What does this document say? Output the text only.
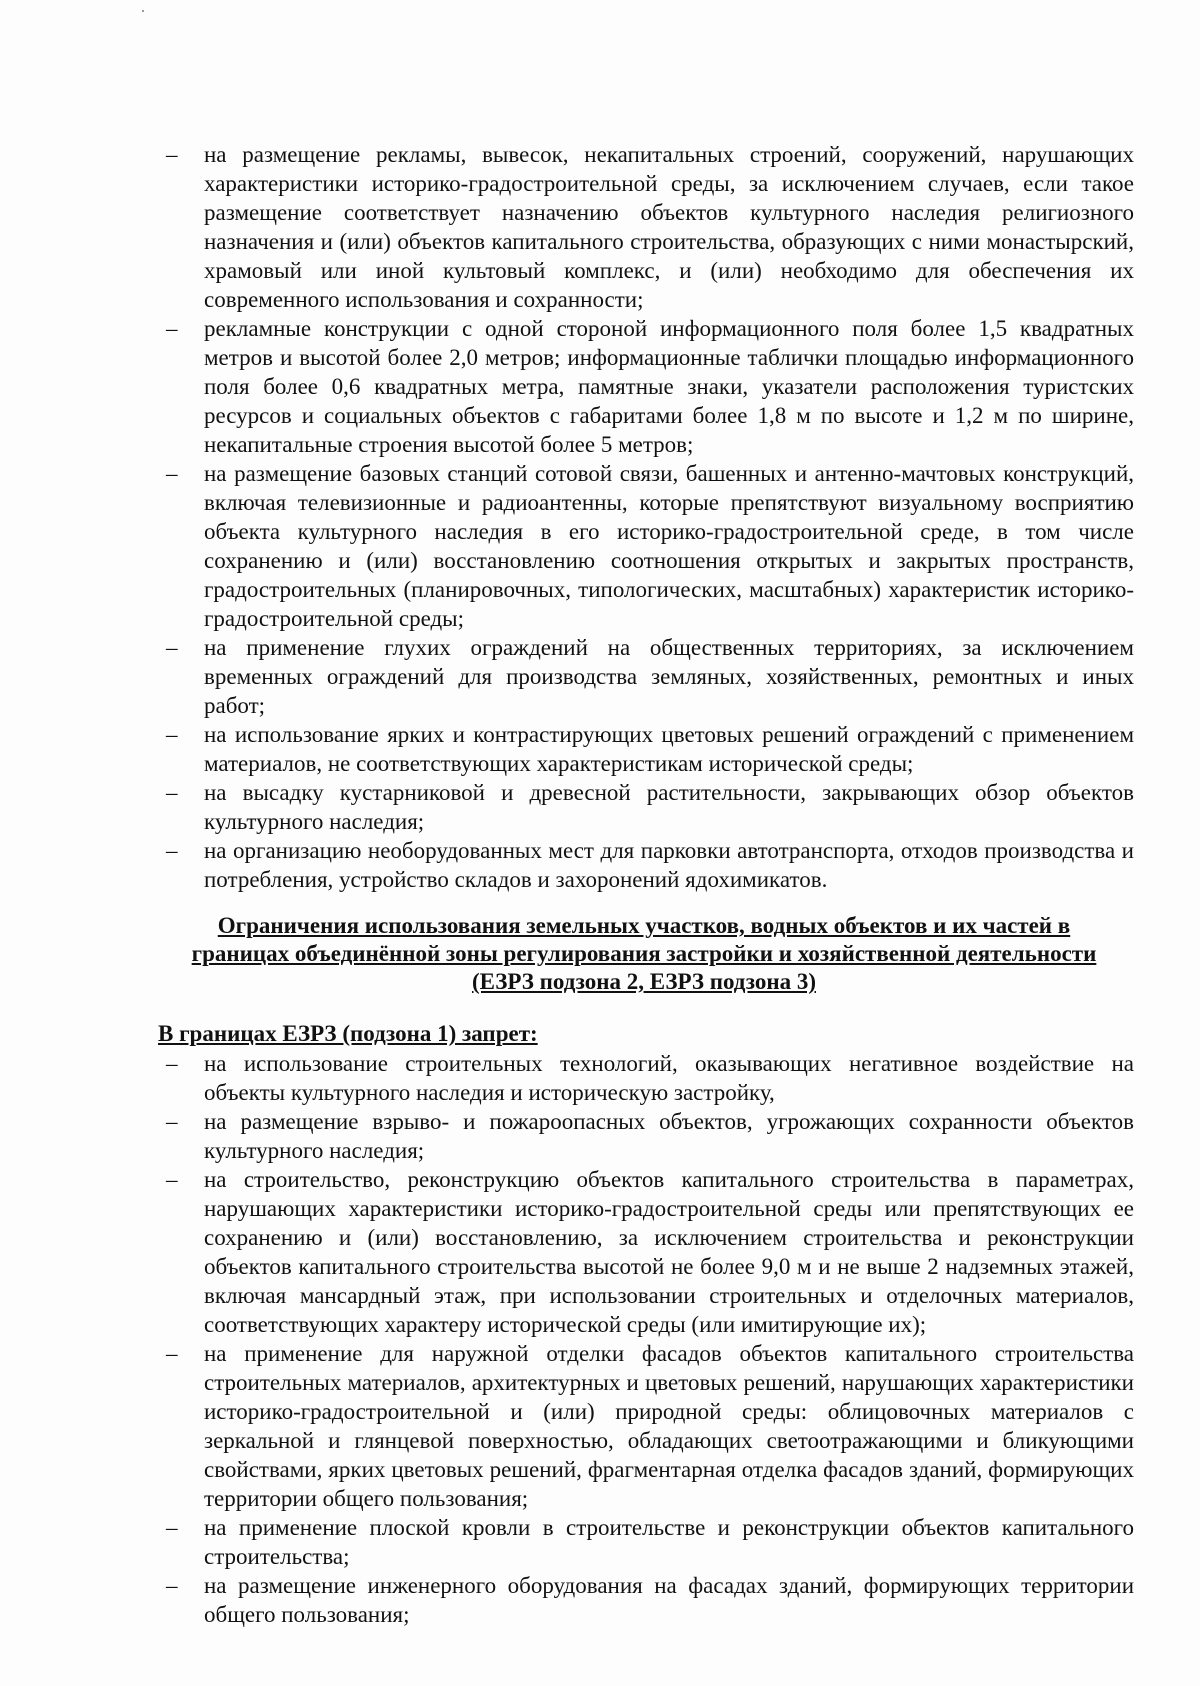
– на размещение рекламы, вывесок, некапитальных строений, сооружений, нарушающих характеристики историко-градостроительной среды, за исключением случаев, если такое размещение соответствует назначению объектов культурного наследия религиозного назначения и (или) объектов капитального строительства, образующих с ними монастырский, храмовый или иной культовый комплекс, и (или) необходимо для обеспечения их современного использования и сохранности;
– рекламные конструкции с одной стороной информационного поля более 1,5 квадратных метров и высотой более 2,0 метров; информационные таблички площадью информационного поля более 0,6 квадратных метра, памятные знаки, указатели расположения туристских ресурсов и социальных объектов с габаритами более 1,8 м по высоте и 1,2 м по ширине, некапитальные строения высотой более 5 метров;
– на размещение базовых станций сотовой связи, башенных и антенно-мачтовых конструкций, включая телевизионные и радиоантенны, которые препятствуют визуальному восприятию объекта культурного наследия в его историко-градостроительной среде, в том числе сохранению и (или) восстановлению соотношения открытых и закрытых пространств, градостроительных (планировочных, типологических, масштабных) характеристик историко-градостроительной среды;
– на применение глухих ограждений на общественных территориях, за исключением временных ограждений для производства земляных, хозяйственных, ремонтных и иных работ;
– на использование ярких и контрастирующих цветовых решений ограждений с применением материалов, не соответствующих характеристикам исторической среды;
– на высадку кустарниковой и древесной растительности, закрывающих обзор объектов культурного наследия;
– на организацию необорудованных мест для парковки автотранспорта, отходов производства и потребления, устройство складов и захоронений ядохимикатов.
Ограничения использования земельных участков, водных объектов и их частей в
границах объединённой зоны регулирования застройки и хозяйственной деятельности
(ЕЗРЗ подзона 2, ЕЗРЗ подзона 3)
В границах ЕЗРЗ (подзона 1) запрет:
– на использование строительных технологий, оказывающих негативное воздействие на объекты культурного наследия и историческую застройку,
– на размещение взрыво- и пожароопасных объектов, угрожающих сохранности объектов культурного наследия;
– на строительство, реконструкцию объектов капитального строительства в параметрах, нарушающих характеристики историко-градостроительной среды или препятствующих ее сохранению и (или) восстановлению, за исключением строительства и реконструкции объектов капитального строительства высотой не более 9,0 м и не выше 2 надземных этажей, включая мансардный этаж, при использовании строительных и отделочных материалов, соответствующих характеру исторической среды (или имитирующие их);
– на применение для наружной отделки фасадов объектов капитального строительства строительных материалов, архитектурных и цветовых решений, нарушающих характеристики историко-градостроительной и (или) природной среды: облицовочных материалов с зеркальной и глянцевой поверхностью, обладающих светоотражающими и бликующими свойствами, ярких цветовых решений, фрагментарная отделка фасадов зданий, формирующих территории общего пользования;
– на применение плоской кровли в строительстве и реконструкции объектов капитального строительства;
– на размещение инженерного оборудования на фасадах зданий, формирующих территории общего пользования;
